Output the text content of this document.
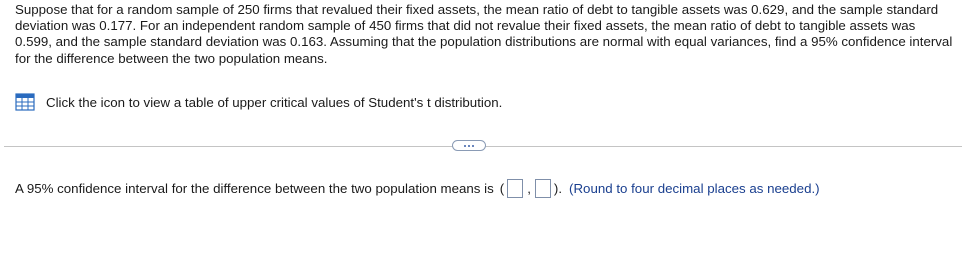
Suppose that for a random sample of 250 firms that revalued their fixed assets, the mean ratio of debt to tangible assets was 0.629, and the sample standard deviation was 0.177. For an independent random sample of 450 firms that did not revalue their fixed assets, the mean ratio of debt to tangible assets was 0.599, and the sample standard deviation was 0.163. Assuming that the population distributions are normal with equal variances, find a 95% confidence interval for the difference between the two population means.
Click the icon to view a table of upper critical values of Student's t distribution.
A 95% confidence interval for the difference between the two population means is ( , ). (Round to four decimal places as needed.)
